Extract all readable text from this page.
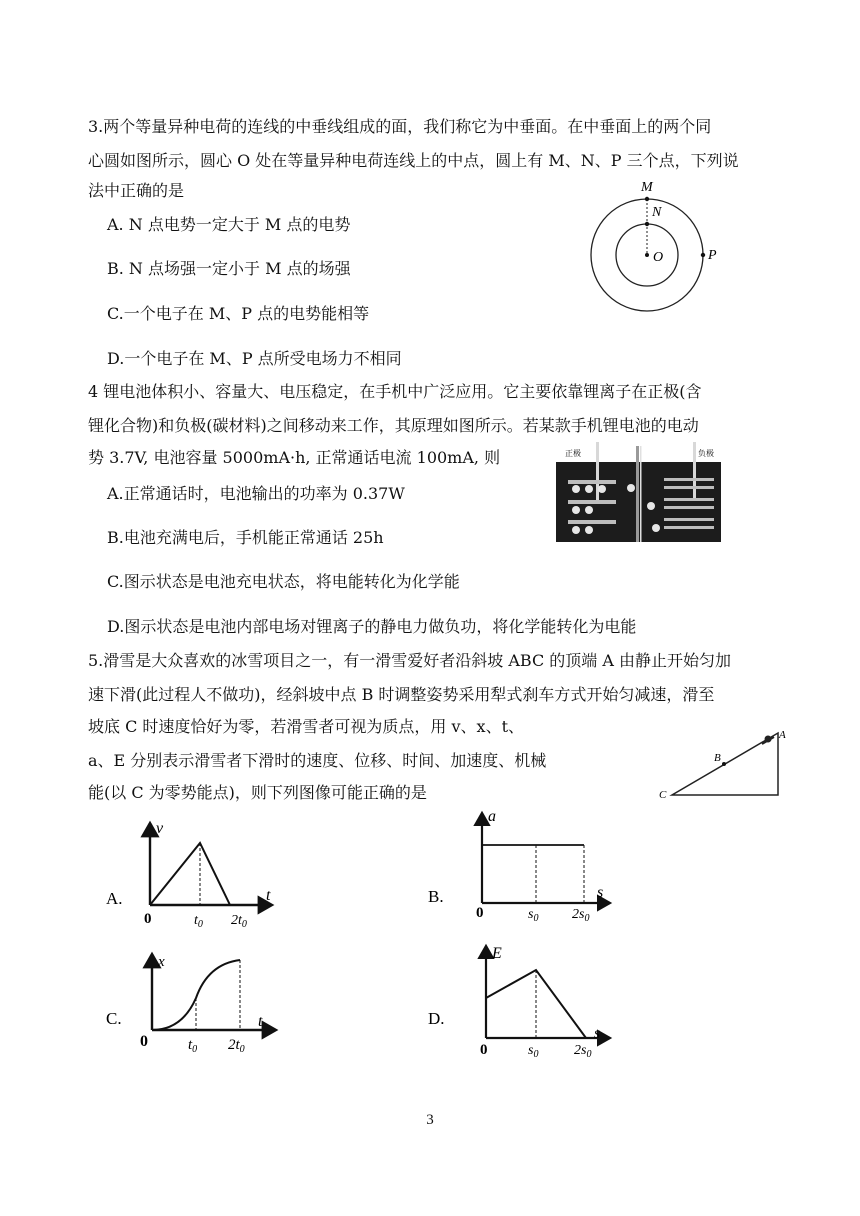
3.两个等量异种电荷的连线的中垂线组成的面，我们称它为中垂面。在中垂面上的两个同
心圆如图所示，圆心 O 处在等量异种电荷连线上的中点，圆上有 M、N、P 三个点，下列说
法中正确的是
A. N 点电势一定大于 M 点的电势
B. N 点场强一定小于 M 点的场强
C.一个电子在 M、P 点的电势能相等
D.一个电子在 M、P 点所受电场力不相同
M
N
O	P
4 锂电池体积小、容量大、电压稳定，在手机中广泛应用。它主要依靠锂离子在正极(含
锂化合物)和负极(碳材料)之间移动来工作，其原理如图所示。若某款手机锂电池的电动
势 3.7V, 电池容量 5000mA·h, 正常通话电流 100mA, 则
A.正常通话时，电池输出的功率为 0.37W
B.电池充满电后，手机能正常通话 25h
C.图示状态是电池充电状态，将电能转化为化学能
D.图示状态是电池内部电场对锂离子的静电力做负功，将化学能转化为电能
正极	负极
5.滑雪是大众喜欢的冰雪项目之一，有一滑雪爱好者沿斜坡 ABC 的顶端 A 由静止开始匀加
速下滑(此过程人不做功)，经斜坡中点 B 时调整姿势采用犁式刹车方式开始匀减速，滑至
坡底 C 时速度恰好为零，若滑雪者可视为质点，用 v、x、t、
a、E 分别表示滑雪者下滑时的速度、位移、时间、加速度、机械
能(以 C 为零势能点)，则下列图像可能正确的是	C
B
A
A.
v
t
0	$t_0$ $2t_0$
B.
a
s
0	$s_0$ $2s_0$
C.
x
t
0	$t_0$ $2t_0$
D.
E
s
0	$s_0$	$2s_0$
3
